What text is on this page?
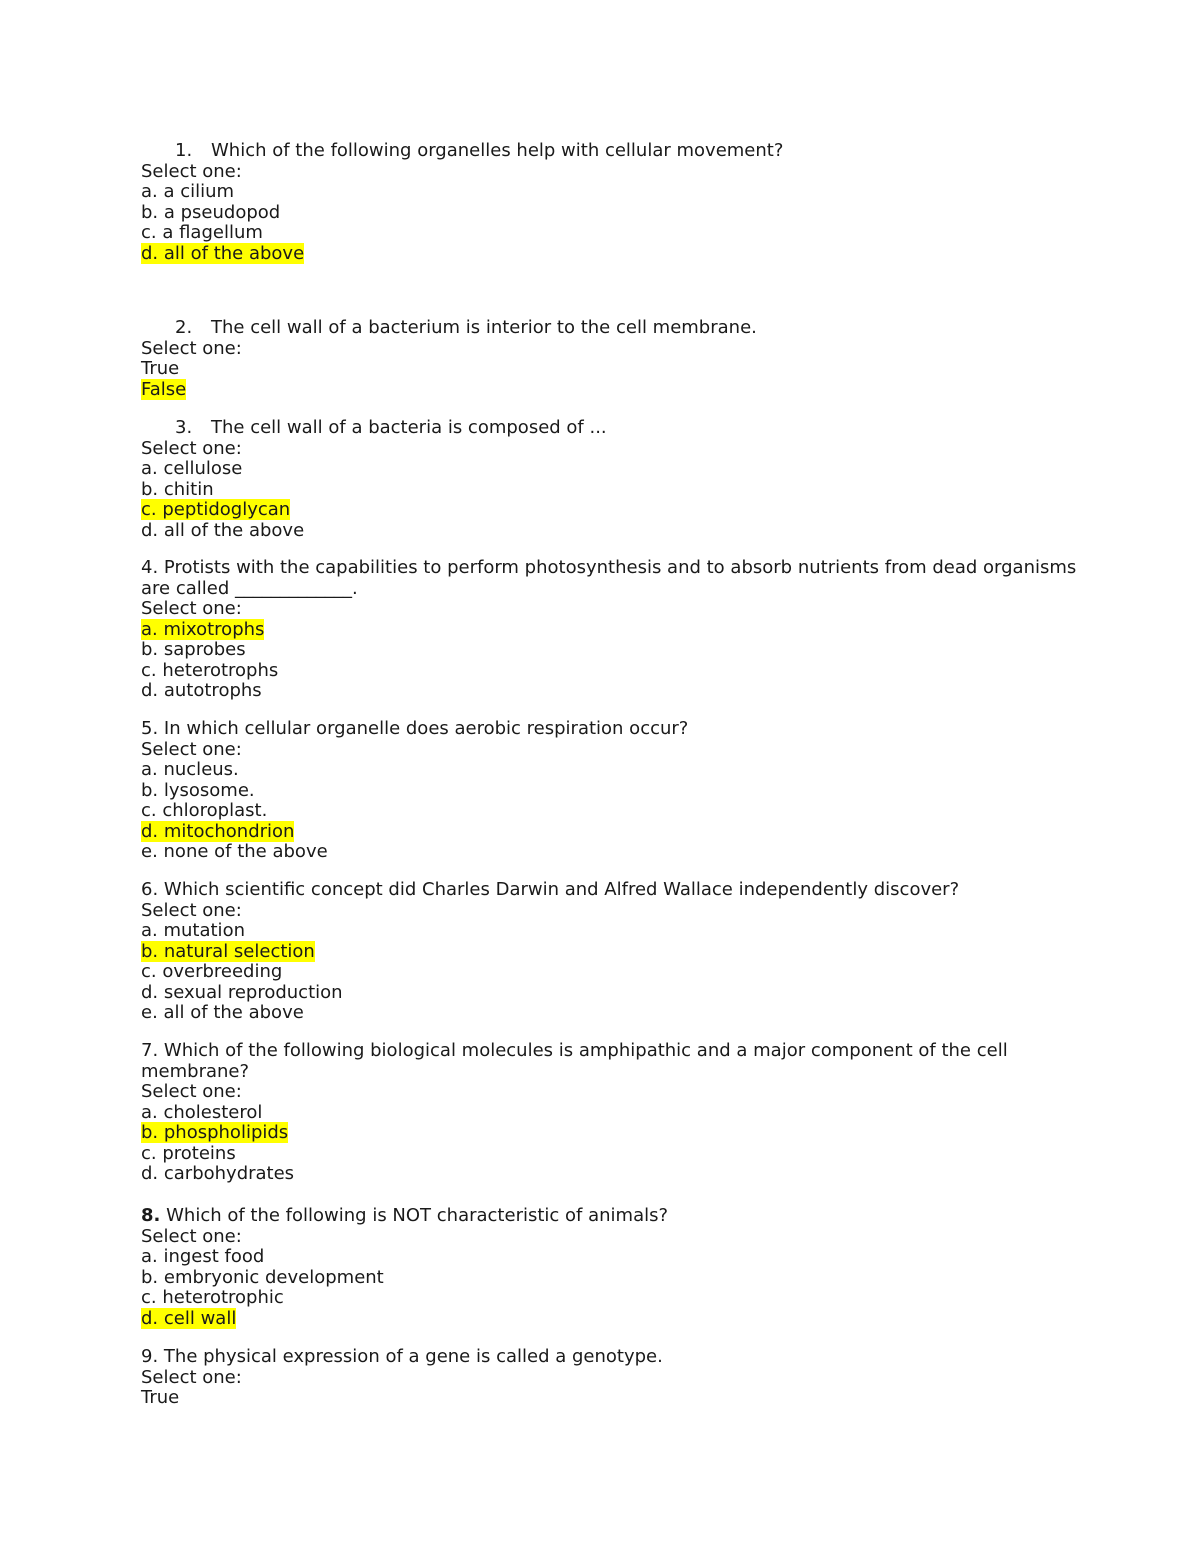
1.	Which of the following organelles help with cellular movement?
Select one:
a. a cilium
b. a pseudopod
c. a flagellum
d. all of the above
2.	The cell wall of a bacterium is interior to the cell membrane.
Select one:
True
False
3.	The cell wall of a bacteria is composed of ...
Select one:
a. cellulose
b. chitin
c. peptidoglycan
d. all of the above
4. Protists with the capabilities to perform photosynthesis and to absorb nutrients from dead organisms
are called _____________.
Select one:
a. mixotrophs
b. saprobes
c. heterotrophs
d. autotrophs
5. In which cellular organelle does aerobic respiration occur?
Select one:
a. nucleus.
b. lysosome.
c. chloroplast.
d. mitochondrion
e. none of the above
6. Which scientific concept did Charles Darwin and Alfred Wallace independently discover?
Select one:
a. mutation
b. natural selection
c. overbreeding
d. sexual reproduction
e. all of the above
7. Which of the following biological molecules is amphipathic and a major component of the cell
membrane?
Select one:
a. cholesterol
b. phospholipids
c. proteins
d. carbohydrates
8. Which of the following is NOT characteristic of animals?
Select one:
a. ingest food
b. embryonic development
c. heterotrophic
d. cell wall
9. The physical expression of a gene is called a genotype.
Select one:
True
